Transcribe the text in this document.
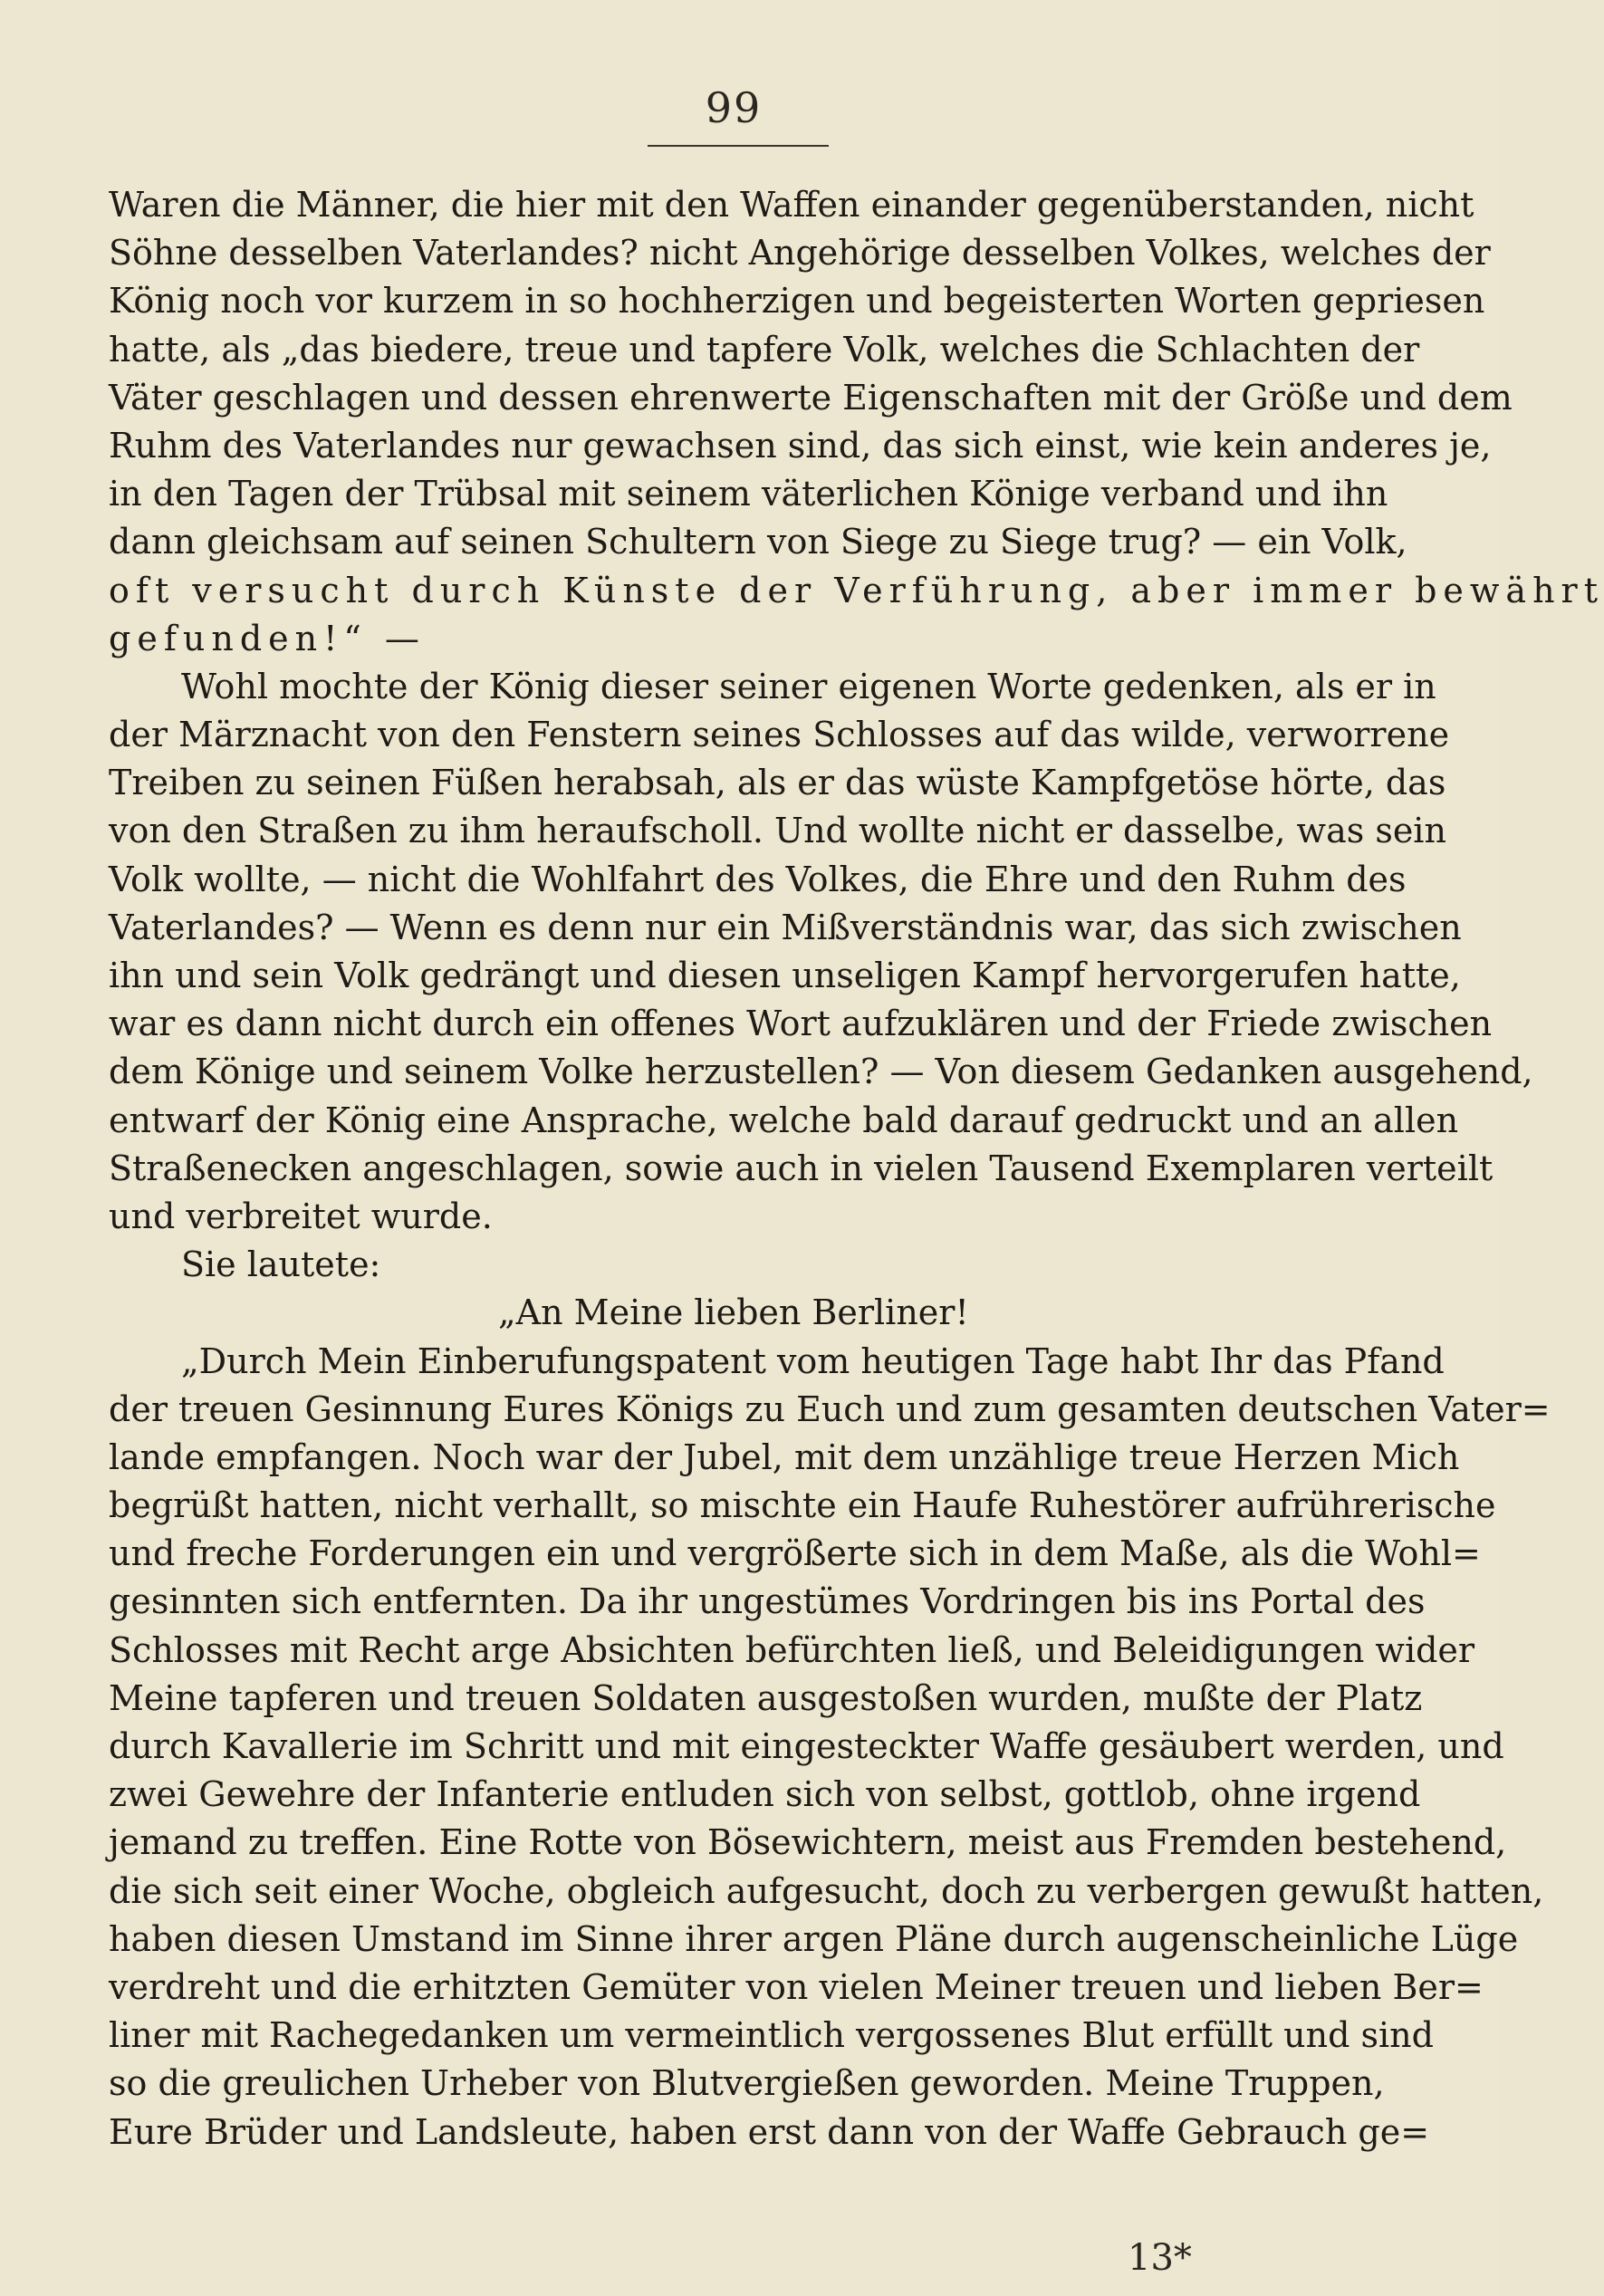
99
Waren die Männer, die hier mit den Waffen einander gegenüberstanden, nicht
Söhne desselben Vaterlandes? nicht Angehörige desselben Volkes, welches der
König noch vor kurzem in so hochherzigen und begeisterten Worten gepriesen
hatte, als „das biedere, treue und tapfere Volk, welches die Schlachten der
Väter geschlagen und dessen ehrenwerte Eigenschaften mit der Größe und dem
Ruhm des Vaterlandes nur gewachsen sind, das sich einst, wie kein anderes je,
in den Tagen der Trübsal mit seinem väterlichen Könige verband und ihn
dann gleichsam auf seinen Schultern von Siege zu Siege trug? — ein Volk,
oft versucht durch Künste der Verführung, aber immer bewährt
gefunden!“ —
Wohl mochte der König dieser seiner eigenen Worte gedenken, als er in
der Märznacht von den Fenstern seines Schlosses auf das wilde, verworrene
Treiben zu seinen Füßen herabsah, als er das wüste Kampfgetöse hörte, das
von den Straßen zu ihm heraufscholl. Und wollte nicht er dasselbe, was sein
Volk wollte, — nicht die Wohlfahrt des Volkes, die Ehre und den Ruhm des
Vaterlandes? — Wenn es denn nur ein Mißverständnis war, das sich zwischen
ihn und sein Volk gedrängt und diesen unseligen Kampf hervorgerufen hatte,
war es dann nicht durch ein offenes Wort aufzuklären und der Friede zwischen
dem Könige und seinem Volke herzustellen? — Von diesem Gedanken ausgehend,
entwarf der König eine Ansprache, welche bald darauf gedruckt und an allen
Straßenecken angeschlagen, sowie auch in vielen Tausend Exemplaren verteilt
und verbreitet wurde.
Sie lautete:
„An Meine lieben Berliner!
„Durch Mein Einberufungspatent vom heutigen Tage habt Ihr das Pfand
der treuen Gesinnung Eures Königs zu Euch und zum gesamten deutschen Vater=
lande empfangen. Noch war der Jubel, mit dem unzählige treue Herzen Mich
begrüßt hatten, nicht verhallt, so mischte ein Haufe Ruhestörer aufrührerische
und freche Forderungen ein und vergrößerte sich in dem Maße, als die Wohl=
gesinnten sich entfernten. Da ihr ungestümes Vordringen bis ins Portal des
Schlosses mit Recht arge Absichten befürchten ließ, und Beleidigungen wider
Meine tapferen und treuen Soldaten ausgestoßen wurden, mußte der Platz
durch Kavallerie im Schritt und mit eingesteckter Waffe gesäubert werden, und
zwei Gewehre der Infanterie entluden sich von selbst, gottlob, ohne irgend
jemand zu treffen. Eine Rotte von Bösewichtern, meist aus Fremden bestehend,
die sich seit einer Woche, obgleich aufgesucht, doch zu verbergen gewußt hatten,
haben diesen Umstand im Sinne ihrer argen Pläne durch augenscheinliche Lüge
verdreht und die erhitzten Gemüter von vielen Meiner treuen und lieben Ber=
liner mit Rachegedanken um vermeintlich vergossenes Blut erfüllt und sind
so die greulichen Urheber von Blutvergießen geworden. Meine Truppen,
Eure Brüder und Landsleute, haben erst dann von der Waffe Gebrauch ge=
13*
